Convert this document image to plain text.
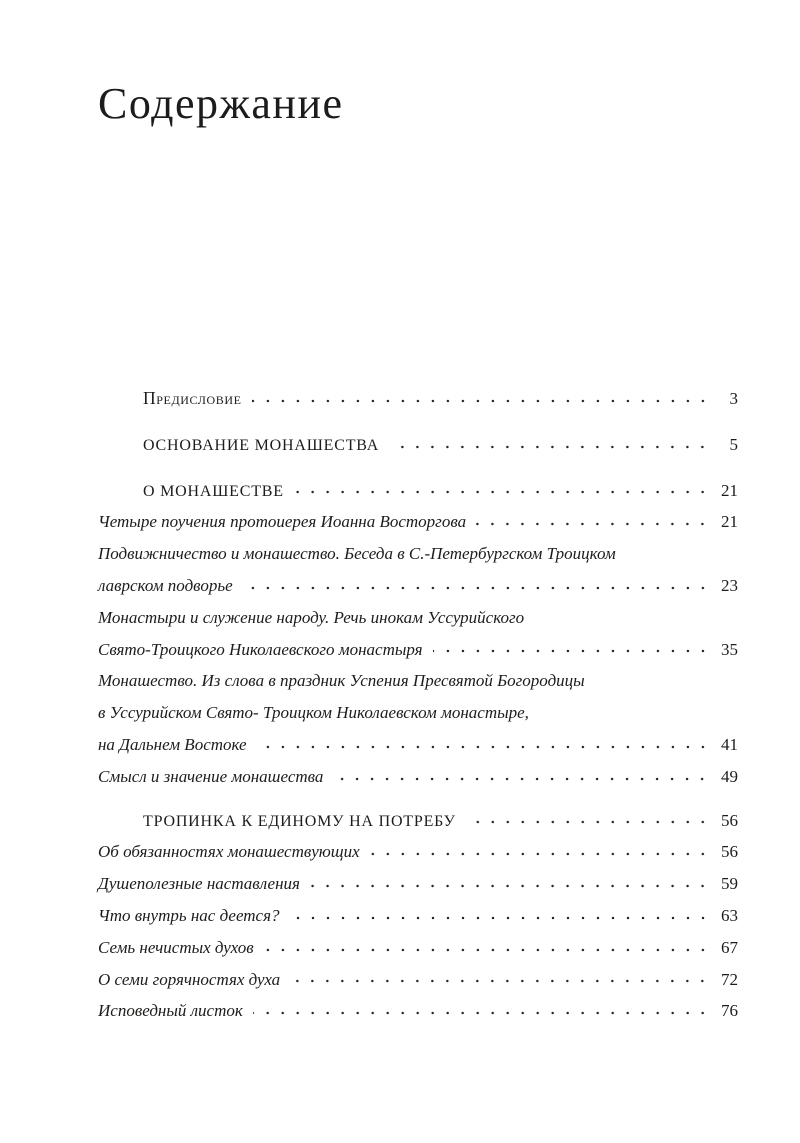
Содержание
Предисловие	3
ОСНОВАНИЕ МОНАШЕСТВА	5
О МОНАШЕСТВЕ	21
Четыре поучения протоиерея Иоанна Восторгова	21
Подвижничество и монашество. Беседа в С.-Петербургском Троицком
лаврском подворье	23
Монастыри и служение народу. Речь инокам Уссурийского
Свято-Троицкого Николаевского монастыря	35
Монашество. Из слова в праздник Успения Пресвятой Богородицы
в Уссурийском Свято- Троицком Николаевском монастыре,
на Дальнем Востоке	41
Смысл и значение монашества	49
ТРОПИНКА К ЕДИНОМУ НА ПОТРЕБУ	56
Об обязанностях монашествующих	56
Душеполезные наставления	59
Что внутрь нас деется?	63
Семь нечистых духов	67
О семи горячностях духа	72
Исповедный листок	76
